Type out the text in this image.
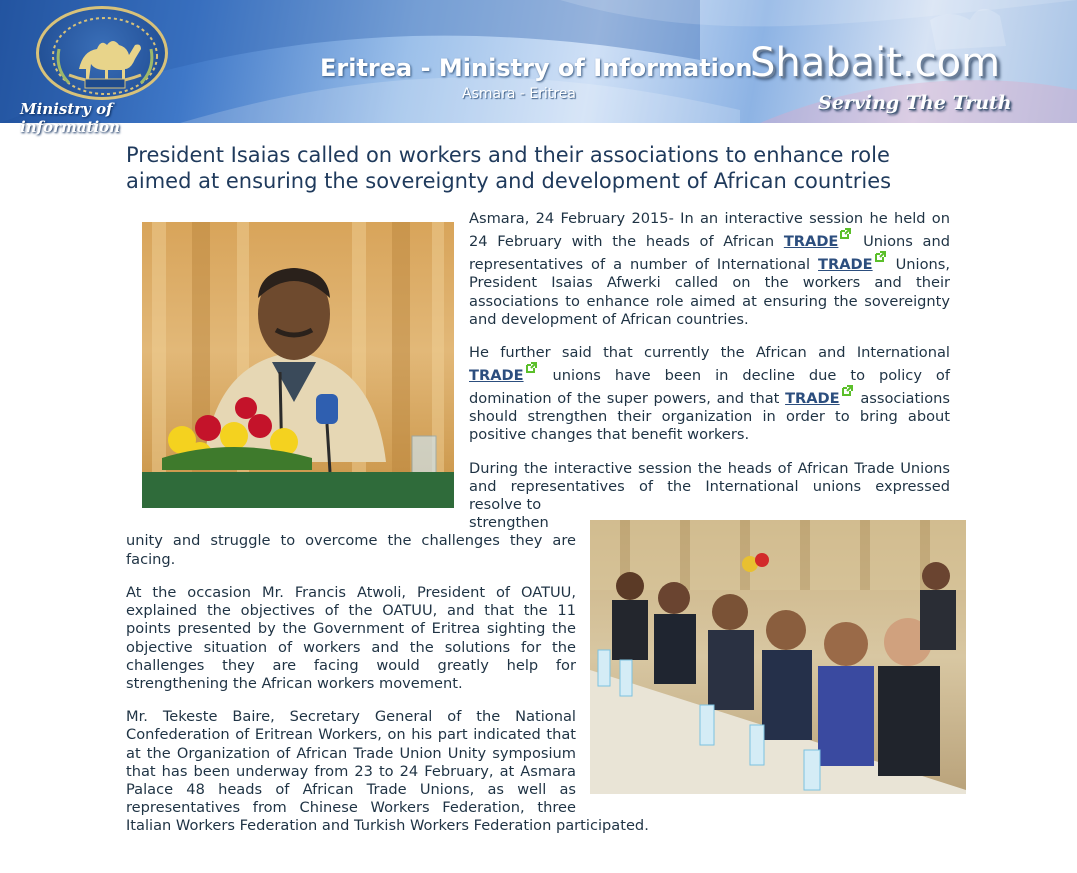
Ministry of information
Eritrea - Ministry of Information
Asmara - Eritrea
Shabait.com
Serving The Truth
President Isaias called on workers and their associations to enhance role aimed at ensuring the sovereignty and development of African countries

Asmara, 24 February 2015- In an interactive session he held on 24 February with the heads of African TRADE Unions and representatives of a number of International TRADE Unions, President Isaias Afwerki called on the workers and their associations to enhance role aimed at ensuring the sovereignty and development of African countries.

He further said that currently the African and International TRADE unions have been in decline due to policy of domination of the super powers, and that TRADE associations should strengthen their organization in order to bring about positive changes that benefit workers.

During the interactive session the heads of African Trade Unions and representatives of the International unions expressed resolve to

strengthen unity and struggle to overcome the challenges they are facing.

At the occasion Mr. Francis Atwoli, President of OATUU, explained the objectives of the OATUU, and that the 11 points presented by the Government of Eritrea sighting the objective situation of workers and the solutions for the challenges they are facing would greatly help for strengthening the African workers movement.

Mr. Tekeste Baire, Secretary General of the National Confederation of Eritrean Workers, on his part indicated that at the Organization of African Trade Union Unity symposium that has been underway from 23 to 24 February, at Asmara Palace 48 heads of African Trade Unions, as well as representatives from Chinese Workers Federation, three Italian Workers Federation and Turkish Workers Federation participated.
